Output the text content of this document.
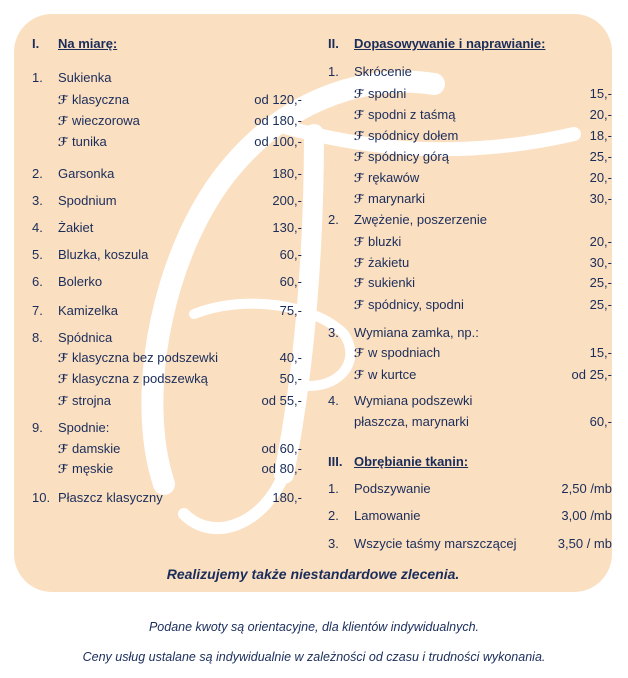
I. Na miarę:
1. Sukienka
ℱ klasyczna	od 120,-
ℱ wieczorowa	od 180,-
ℱ tunika	od 100,-
2. Garsonka	180,-
3. Spodnium	200,-
4. Żakiet	130,-
5. Bluzka, koszula	60,-
6. Bolerko	60,-
7. Kamizelka	75,-
8. Spódnica
ℱ klasyczna bez podszewki	40,-
ℱ klasyczna z podszewką	50,-
ℱ strojna	od 55,-
9. Spodnie:
ℱ damskie	od 60,-
ℱ męskie	od 80,-
10. Płaszcz klasyczny	180,-
II. Dopasowywanie i naprawianie:
III. Obrębianie tkanin:
1. Skrócenie
ℱ spodni	15,-
ℱ spodni z taśmą	20,-
ℱ spódnicy dołem	18,-
ℱ spódnicy górą	25,-
ℱ rękawów	20,-
ℱ marynarki	30,-
2. Zwężenie, poszerzenie
ℱ bluzki	20,-
ℱ żakietu	30,-
ℱ sukienki	25,-
ℱ spódnicy, spodni	25,-
3. Wymiana zamka, np.:
ℱ w spodniach	15,-
ℱ w kurtce	od 25,-
4. Wymiana podszewki
płaszcza, marynarki	60,-
1. Podszywanie	2,50 /mb
2. Lamowanie	3,00 /mb
3. Wszycie taśmy marszczącej	3,50 / mb
Realizujemy także niestandardowe zlecenia.
Podane kwoty są orientacyjne, dla klientów indywidualnych.
Ceny usług ustalane są indywidualnie w zależności od czasu i trudności wykonania.
